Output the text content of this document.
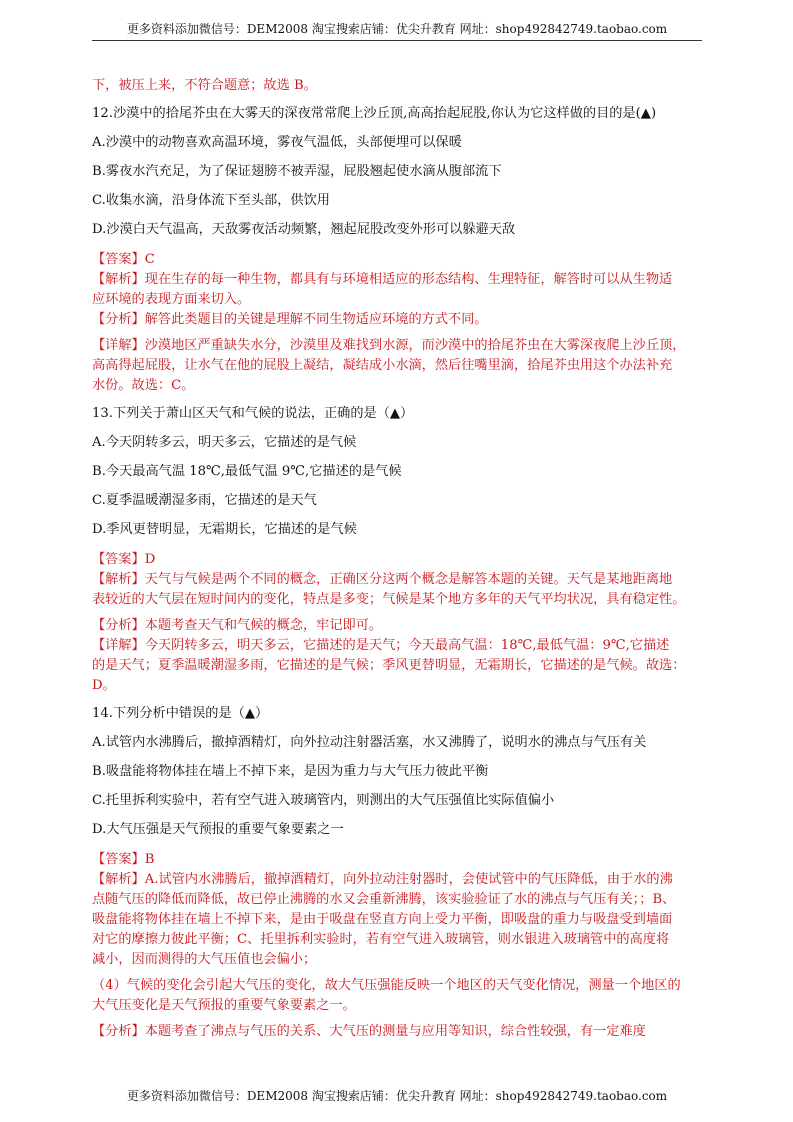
更多资料添加微信号：DEM2008 淘宝搜索店铺：优尖升教育 网址：shop492842749.taobao.com
下，被压上来，不符合题意；故选 B。
12.沙漠中的拾尾芥虫在大雾天的深夜常常爬上沙丘顶,高高抬起屁股,你认为它这样做的目的是(▲)
A.沙漠中的动物喜欢高温环境，雾夜气温低，头部便埋可以保暖
B.雾夜水汽充足，为了保证翅膀不被弄湿，屁股翘起使水滴从腹部流下
C.收集水滴，沿身体流下至头部，供饮用
D.沙漠白天气温高，天敌雾夜活动频繁，翘起屁股改变外形可以躲避天敌
【答案】C
【解析】现在生存的每一种生物，都具有与环境相适应的形态结构、生理特征，解答时可以从生物适
应环境的表现方面来切入。
【分析】解答此类题目的关键是理解不同生物适应环境的方式不同。
【详解】沙漠地区严重缺失水分，沙漠里及难找到水源，而沙漠中的拾尾芥虫在大雾深夜爬上沙丘顶，
高高得起屁股，让水气在他的屁股上凝结，凝结成小水滴，然后往嘴里滴，拾尾芥虫用这个办法补充
水份。故选：C。
13.下列关于萧山区天气和气候的说法，正确的是（▲）
A.今天阴转多云，明天多云，它描述的是气候
B.今天最高气温 18℃,最低气温 9℃,它描述的是气候
C.夏季温暖潮湿多雨，它描述的是天气
D.季风更替明显，无霜期长，它描述的是气候
【答案】D
【解析】天气与气候是两个不同的概念，正确区分这两个概念是解答本题的关键。天气是某地距离地
表较近的大气层在短时间内的变化，特点是多变；气候是某个地方多年的天气平均状况，具有稳定性。
【分析】本题考查天气和气候的概念，牢记即可。
【详解】今天阴转多云，明天多云，它描述的是天气；今天最高气温：18℃,最低气温：9℃,它描述
的是天气；夏季温暖潮湿多雨，它描述的是气候；季风更替明显，无霜期长，它描述的是气候。故选：
D。
14.下列分析中错误的是（▲）
A.试管内水沸腾后，撤掉酒精灯，向外拉动注射器活塞，水又沸腾了，说明水的沸点与气压有关
B.吸盘能将物体挂在墙上不掉下来，是因为重力与大气压力彼此平衡
C.托里拆利实验中，若有空气进入玻璃管内，则测出的大气压强值比实际值偏小
D.大气压强是天气预报的重要气象要素之一
【答案】B
【解析】A.试管内水沸腾后，撤掉酒精灯，向外拉动注射器时，会使试管中的气压降低，由于水的沸
点随气压的降低而降低，故已停止沸腾的水又会重新沸腾，该实验验证了水的沸点与气压有关；；B、
吸盘能将物体挂在墙上不掉下来，是由于吸盘在竖直方向上受力平衡，即吸盘的重力与吸盘受到墙面
对它的摩擦力彼此平衡；C、托里拆利实验时，若有空气进入玻璃管，则水银进入玻璃管中的高度将
减小，因而测得的大气压值也会偏小；
（4）气候的变化会引起大气压的变化，故大气压强能反映一个地区的天气变化情况，测量一个地区的
大气压变化是天气预报的重要气象要素之一。
【分析】本题考查了沸点与气压的关系、大气压的测量与应用等知识，综合性较强，有一定难度
更多资料添加微信号：DEM2008 淘宝搜索店铺：优尖升教育 网址：shop492842749.taobao.com
